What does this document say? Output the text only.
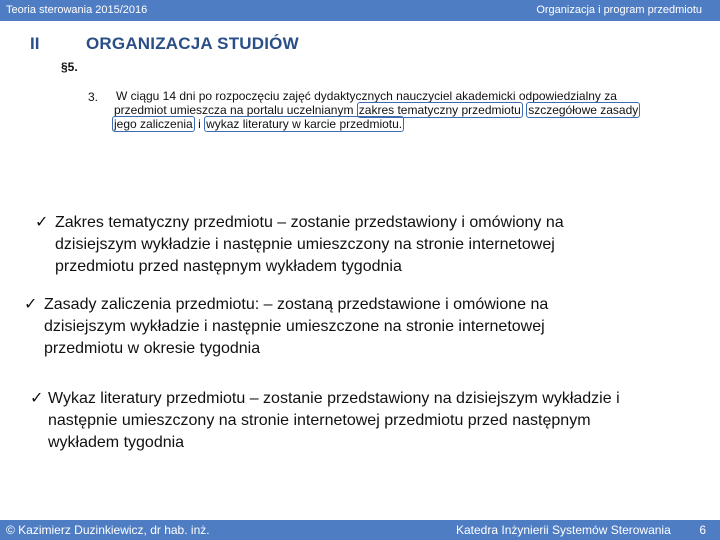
Teoria sterowania 2015/2016	Organizacja i program przedmiotu
II	ORGANIZACJA STUDIÓW
§5.
3. W ciągu 14 dni po rozpoczęciu zajęć dydaktycznych nauczyciel akademicki odpowiedzialny za
przedmiot umieszcza na portalu uczelnianym zakres tematyczny przedmiotu szczegółowe zasady
jego zaliczenia i wykaz literatury w karcie przedmiotu.
✓ Zakres tematyczny przedmiotu – zostanie przedstawiony i omówiony na
dzisiejszym wykładzie i następnie umieszczony na stronie internetowej
przedmiotu przed następnym wykładem tygodnia
✓ Zasady zaliczenia przedmiotu: – zostaną przedstawione i omówione na
dzisiejszym wykładzie i następnie umieszczone na stronie internetowej
przedmiotu w okresie tygodnia
✓ Wykaz literatury przedmiotu – zostanie przedstawiony na dzisiejszym wykładzie i
następnie umieszczony na stronie internetowej przedmiotu przed następnym
wykładem tygodnia
© Kazimierz Duzinkiewicz, dr hab. inż.	Katedra Inżynierii Systemów Sterowania 6
